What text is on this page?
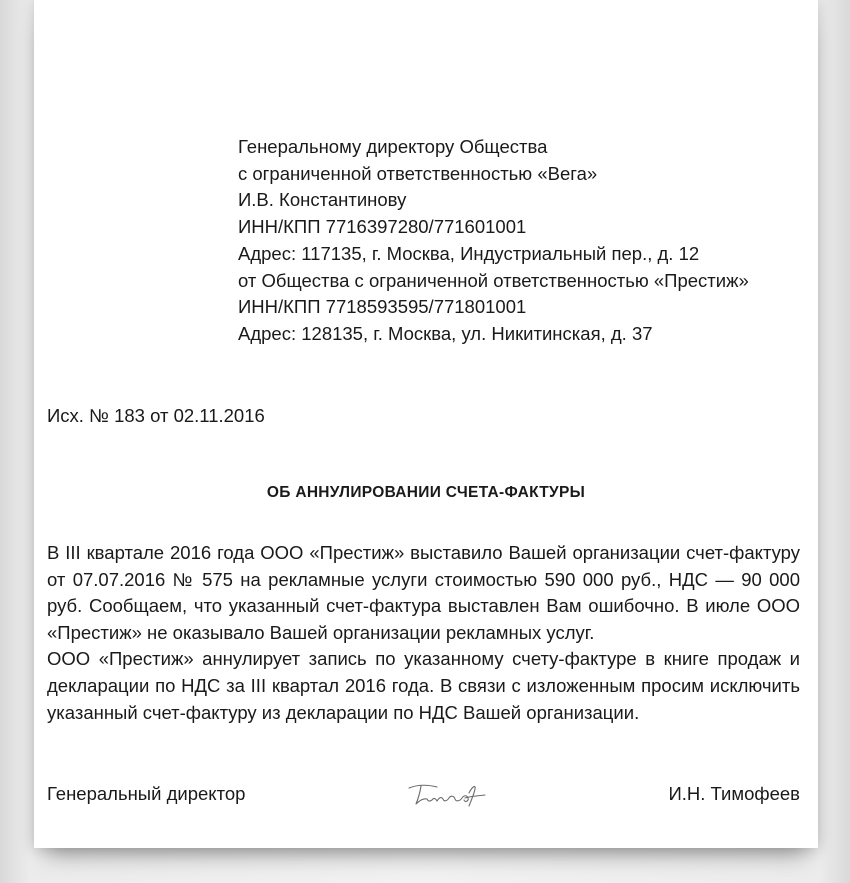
Генеральному директору Общества
с ограниченной ответственностью «Вега»
И.В. Константинову
ИНН/КПП 7716397280/771601001
Адрес: 117135, г. Москва, Индустриальный пер., д. 12
от Общества с ограниченной ответственностью «Престиж»
ИНН/КПП 7718593595/771801001
Адрес: 128135, г. Москва, ул. Никитинская, д. 37
Исх. № 183 от 02.11.2016
ОБ АННУЛИРОВАНИИ СЧЕТА-ФАКТУРЫ

В III квартале 2016 года ООО «Престиж» выставило Вашей организации счет-фактуру от 07.07.2016 № 575 на рекламные услуги стоимостью 590 000 руб., НДС — 90 000 руб. Сообщаем, что указанный счет-фактура выставлен Вам ошибочно. В июле ООО «Престиж» не оказывало Вашей организации рекламных услуг.

ООО «Престиж» аннулирует запись по указанному счету-фактуре в книге продаж и декларации по НДС за III квартал 2016 года. В связи с изложенным просим исключить указанный счет-фактуру из декларации по НДС Вашей организации.

Генеральный директор	И.Н. Тимофеев
